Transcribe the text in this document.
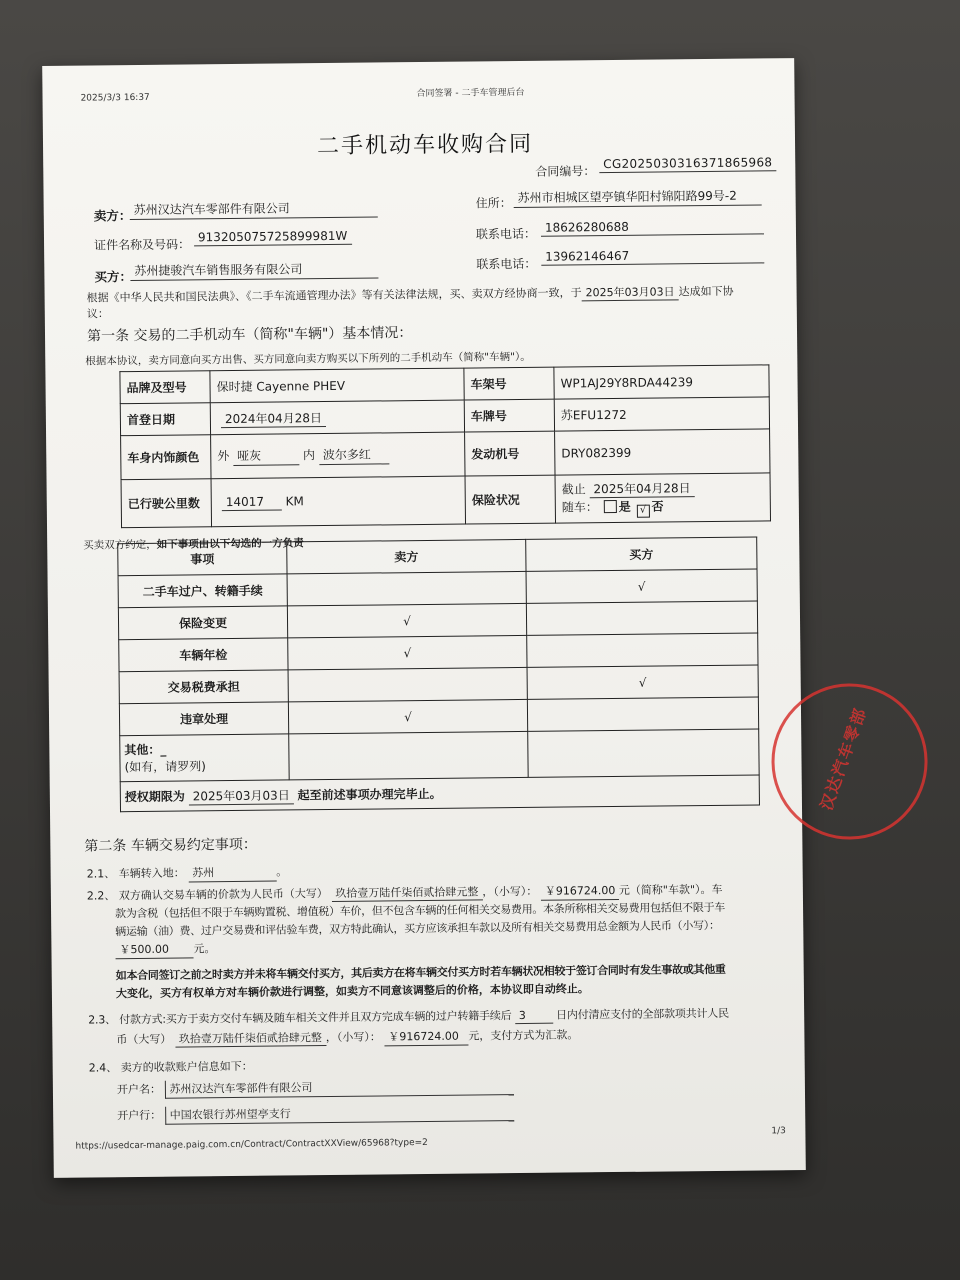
2025/3/3 16:37	合同签署 - 二手车管理后台
二手机动车收购合同
合同编号：
CG20250303163718​65968
卖方： 苏州汉达汽车零部件有限公司	住所： 苏州市相城区望亭镇华阳村锦阳路99号-2
证件名称及号码：
913205075725899981W	联系电话： 18626280688
联系电话：
13962146467
买方： 苏州捷骏汽车销售服务有限公司
根据《中华人民共和国民法典》、《二手车流通管理办法》等有关法律法规，买、卖双方经协商一致，于 2025年03月03日 达成如下协
议：
第一条 交易的二手机动车（简称"车辆"）基本情况：
根据本协议，卖方同意向买方出售、买方同意向卖方购买以下所列的二手机动车（简称"车辆"）。
品牌及型号	保时捷 Cayenne PHEV	车架号	WP1AJ29Y8RDA44239
首登日期	2024年04月28日	车牌号	苏EFU1272
车身内饰颜色	外 哑灰 内 波尔多红	发动机号	DRY082399
已行驶公里数	14017 KM	保险状况	截止 2025年04月28日
随车： 是 √ 否
买卖双方约定，如下事项由以下勾选的一方负责
事项	卖方	买方
二手车过户、转籍手续		√
保险变更	√	
车辆年检	√	
交易税费承担		√
违章处理	√	

其他：_
(如有，请罗列)		

授权期限为 2025年03月03日 起至前述事项办理完毕止。		
第二条 车辆交易约定事项：
2.1、 车辆转入地： 苏州	。
2.2、 双方确认交易车辆的价款为人民币（大写） 玖拾壹万陆仟柒佰贰拾肆元整 ，（小写）： ￥916724.00 元（简称"车款"）。车
款为含税（包括但不限于车辆购置税、增值税）车价，但不包含车辆的任何相关交易费用。本条所称相关交易费用包括但不限于车
辆运输（油）费、过户交易费和评估验车费，双方特此确认，买方应该承担车款以及所有相关交易费用总金额为人民币（小写）：
￥500.00 元。
如本合同签订之前之时卖方并未将车辆交付买方，其后卖方在将车辆交付买方时若车辆状况相较于签订合同时有发生事故或其他重
大变化，买方有权单方对车辆价款进行调整，如卖方不同意该调整后的价格，本协议即自动终止。
2.3、 付款方式:买方于卖方交付车辆及随车相关文件并且双方完成车辆的过户转籍手续后 3	日内付清应支付的全部款项共计人民
币（大写） 玖拾壹万陆仟柒佰贰拾肆元整 ，（小写）： ￥916724.00 元，支付方式为汇款。
2.4、 卖方的收款账户信息如下：
开户名： 苏州汉达汽车零部件有限公司
开户行： 中国农银行苏州望亭支行
https://usedcar-manage.paig.com.cn/Contract/ContractXXView/65968?type=2
1/3
汉达汽车零部
